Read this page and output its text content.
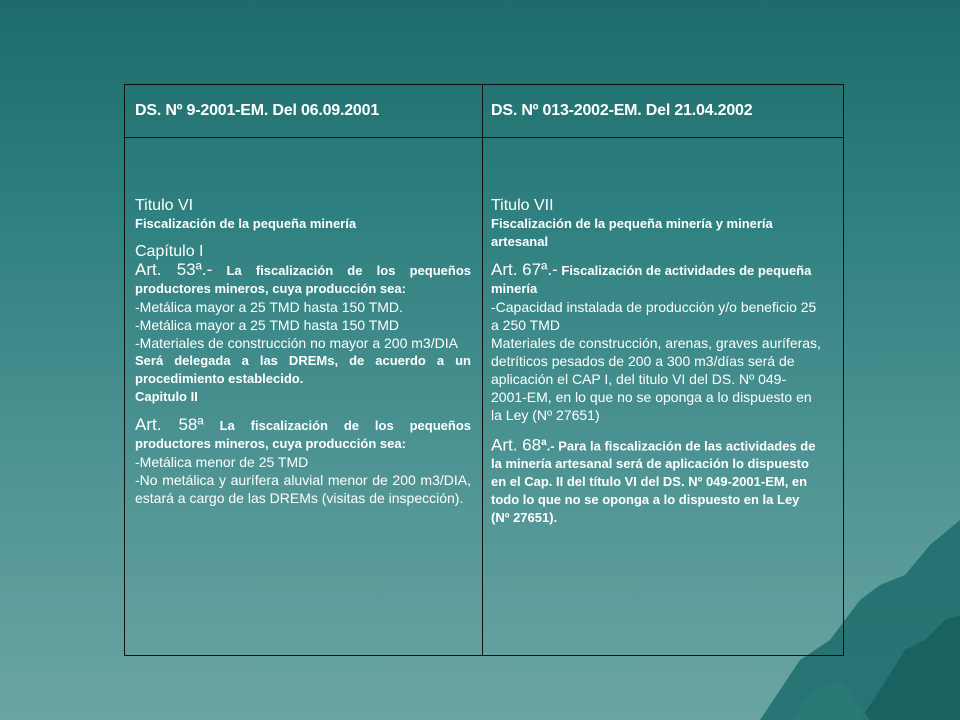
DS. Nº 9-2001-EM. Del 06.09.2001	DS. Nº 013-2002-EM. Del 21.04.2002

Titulo VI

Fiscalización de la pequeña minería

Capítulo I

Art. 53ª.- La fiscalización de los pequeños productores mineros, cuya producción sea:

-Metálica mayor a 25 TMD hasta 150 TMD.

-Metálica mayor a 25 TMD hasta 150 TMD

-Materiales de construcción no mayor a 200 m3/DIA

Será delegada a las DREMs, de acuerdo a un procedimiento establecido.

Capitulo II

Art. 58ª La fiscalización de los pequeños productores mineros, cuya producción sea:

-Metálica menor de 25 TMD

-No metálica y aurífera aluvial menor de 200 m3/DIA, estará a cargo de las DREMs (visitas de inspección).

Titulo VII

Fiscalización de la pequeña minería y minería artesanal

Art. 67ª.- Fiscalización de actividades de pequeña minería

-Capacidad instalada de producción y/o beneficio 25 a 250 TMD

Materiales de construcción, arenas, graves auríferas, detríticos pesados de 200 a 300 m3/días será de aplicación el CAP I, del titulo VI del DS. Nº 049-2001-EM, en lo que no se oponga a lo dispuesto en la Ley (Nº 27651)

Art. 68$^a$.- Para la fiscalización de las actividades de la minería artesanal será de aplicación lo dispuesto en el Cap. II del título VI del DS. Nº 049-2001-EM, en todo lo que no se oponga a lo dispuesto en la Ley (Nº 27651).
